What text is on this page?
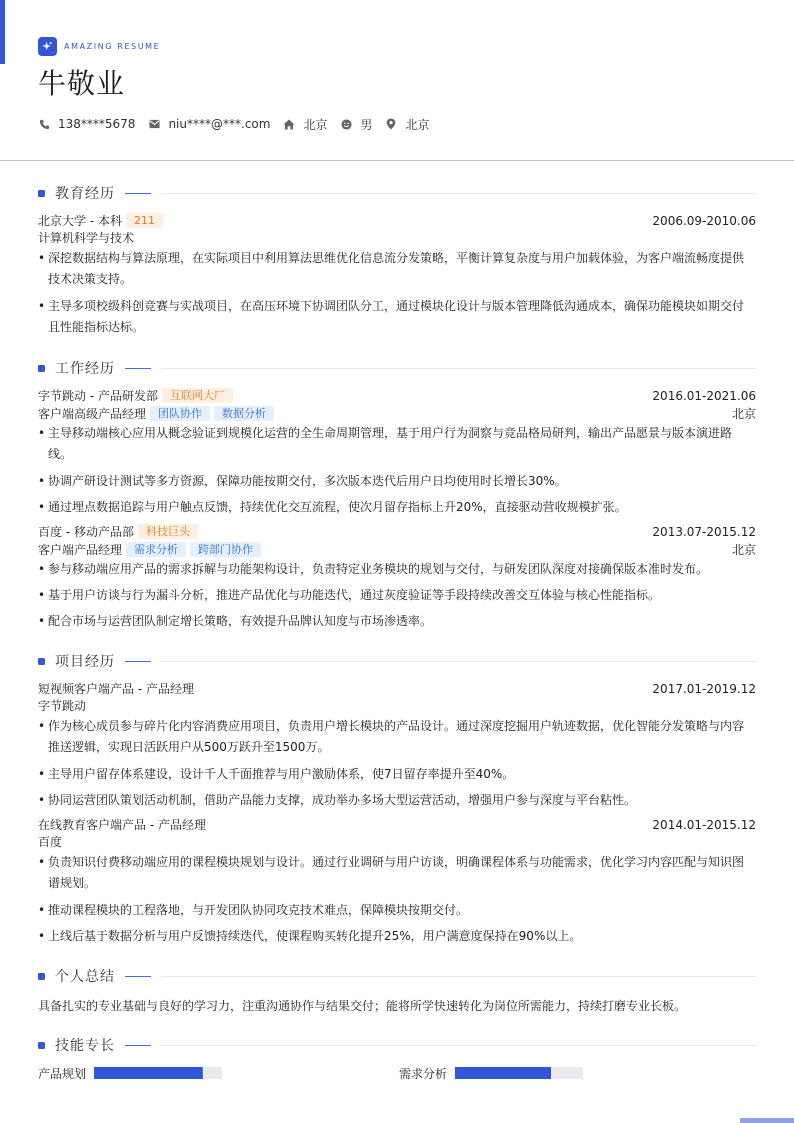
AMAZING RESUME
牛敬业
138****5678	niu****@***.com	北京	男	北京
教育经历
北京大学 - 本科	211	2006.09-2010.06
计算机科学与技术
• 深挖数据结构与算法原理，在实际项目中利用算法思维优化信息流分发策略，平衡计算复杂度与用户加载体验，为客户端流畅度提供技术决策支持。
• 主导多项校级科创竞赛与实战项目，在高压环境下协调团队分工，通过模块化设计与版本管理降低沟通成本，确保功能模块如期交付且性能指标达标。
工作经历
字节跳动 - 产品研发部	互联网大厂	2016.01-2021.06
客户端高级产品经理	团队协作	数据分析	北京
• 主导移动端核心应用从概念验证到规模化运营的全生命周期管理，基于用户行为洞察与竞品格局研判，输出产品愿景与版本演进路线。
• 协调产研设计测试等多方资源，保障功能按期交付，多次版本迭代后用户日均使用时长增长30%。
• 通过埋点数据追踪与用户触点反馈，持续优化交互流程，使次月留存指标上升20%，直接驱动营收规模扩张。
百度 - 移动产品部	科技巨头	2013.07-2015.12
客户端产品经理	需求分析	跨部门协作	北京
• 参与移动端应用产品的需求拆解与功能架构设计，负责特定业务模块的规划与交付，与研发团队深度对接确保版本准时发布。
• 基于用户访谈与行为漏斗分析，推进产品优化与功能迭代，通过灰度验证等手段持续改善交互体验与核心性能指标。
• 配合市场与运营团队制定增长策略，有效提升品牌认知度与市场渗透率。
项目经历
短视频客户端产品 - 产品经理	2017.01-2019.12
字节跳动
• 作为核心成员参与碎片化内容消费应用项目，负责用户增长模块的产品设计。通过深度挖掘用户轨迹数据，优化智能分发策略与内容推送逻辑，实现日活跃用户从500万跃升至1500万。
• 主导用户留存体系建设，设计千人千面推荐与用户激励体系，使7日留存率提升至40%。
• 协同运营团队策划活动机制，借助产品能力支撑，成功举办多场大型运营活动，增强用户参与深度与平台粘性。
在线教育客户端产品 - 产品经理	2014.01-2015.12
百度
• 负责知识付费移动端应用的课程模块规划与设计。通过行业调研与用户访谈，明确课程体系与功能需求，优化学习内容匹配与知识图谱规划。
• 推动课程模块的工程落地，与开发团队协同攻克技术难点，保障模块按期交付。
• 上线后基于数据分析与用户反馈持续迭代，使课程购买转化提升25%，用户满意度保持在90%以上。
个人总结
具备扎实的专业基础与良好的学习力，注重沟通协作与结果交付；能将所学快速转化为岗位所需能力，持续打磨专业长板。
技能专长
产品规划	需求分析
